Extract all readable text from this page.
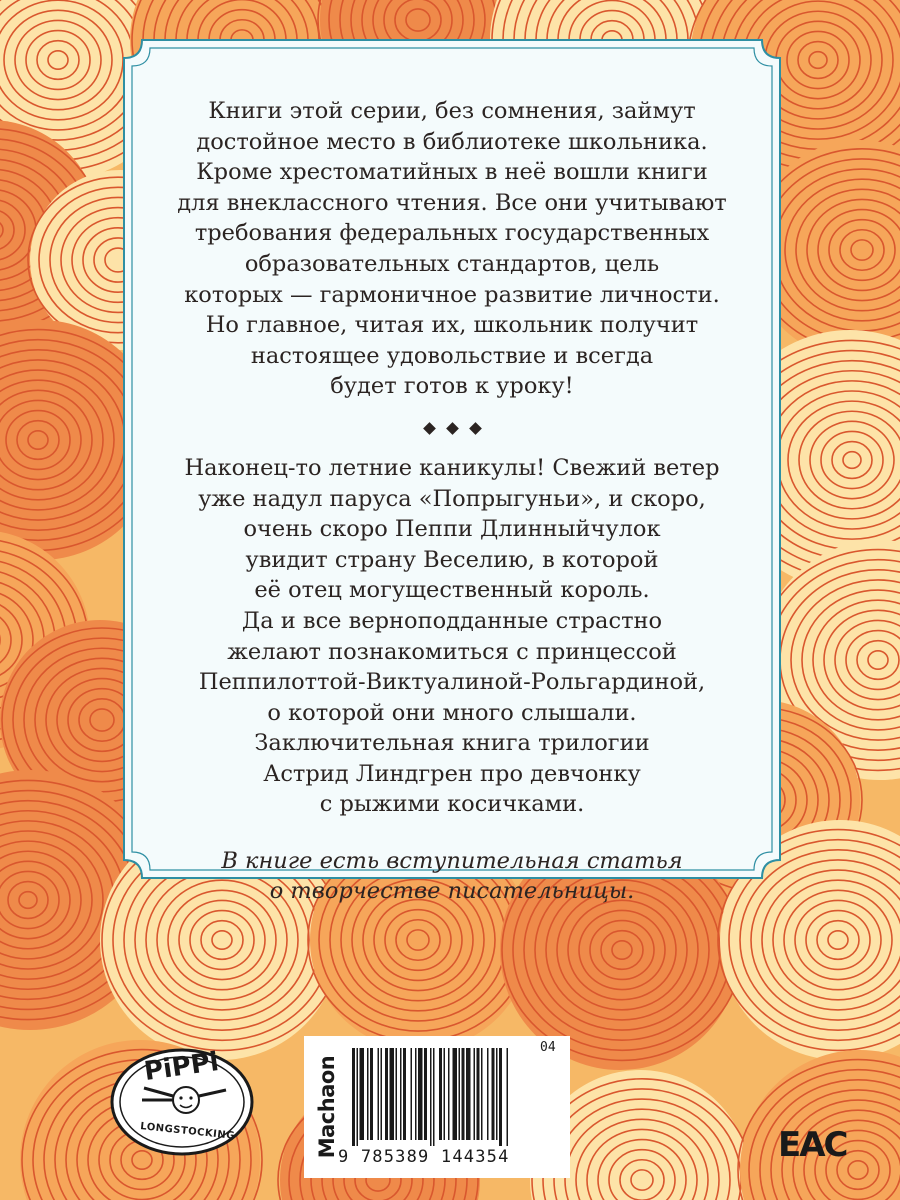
Книги этой серии, без сомнения, займут
достойное место в библиотеке школьника.
Кроме хрестоматийных в неё вошли книги
для внеклассного чтения. Все они учитывают
требования федеральных государственных
образовательных стандартов, цель
которых — гармоничное развитие личности.
Но главное, читая их, школьник получит
настоящее удовольствие и всегда
будет готов к уроку!
Наконец-то летние каникулы! Свежий ветер
уже надул паруса «Попрыгуньи», и скоро,
очень скоро Пеппи Длинныйчулок
увидит страну Веселию, в которой
её отец могущественный король.
Да и все верноподданные страстно
желают познакомиться с принцессой
Пеппилоттой-Виктуалиной-Рольгардиной,
о которой они много слышали.
Заключительная книга трилогии
Астрид Линдгрен про девчонку
с рыжими косичками.
В книге есть вступительная статья
о творчестве писательницы.
PiPPi
LONGSTOCKING	Machaon
04
9 785389 144354	EAC
